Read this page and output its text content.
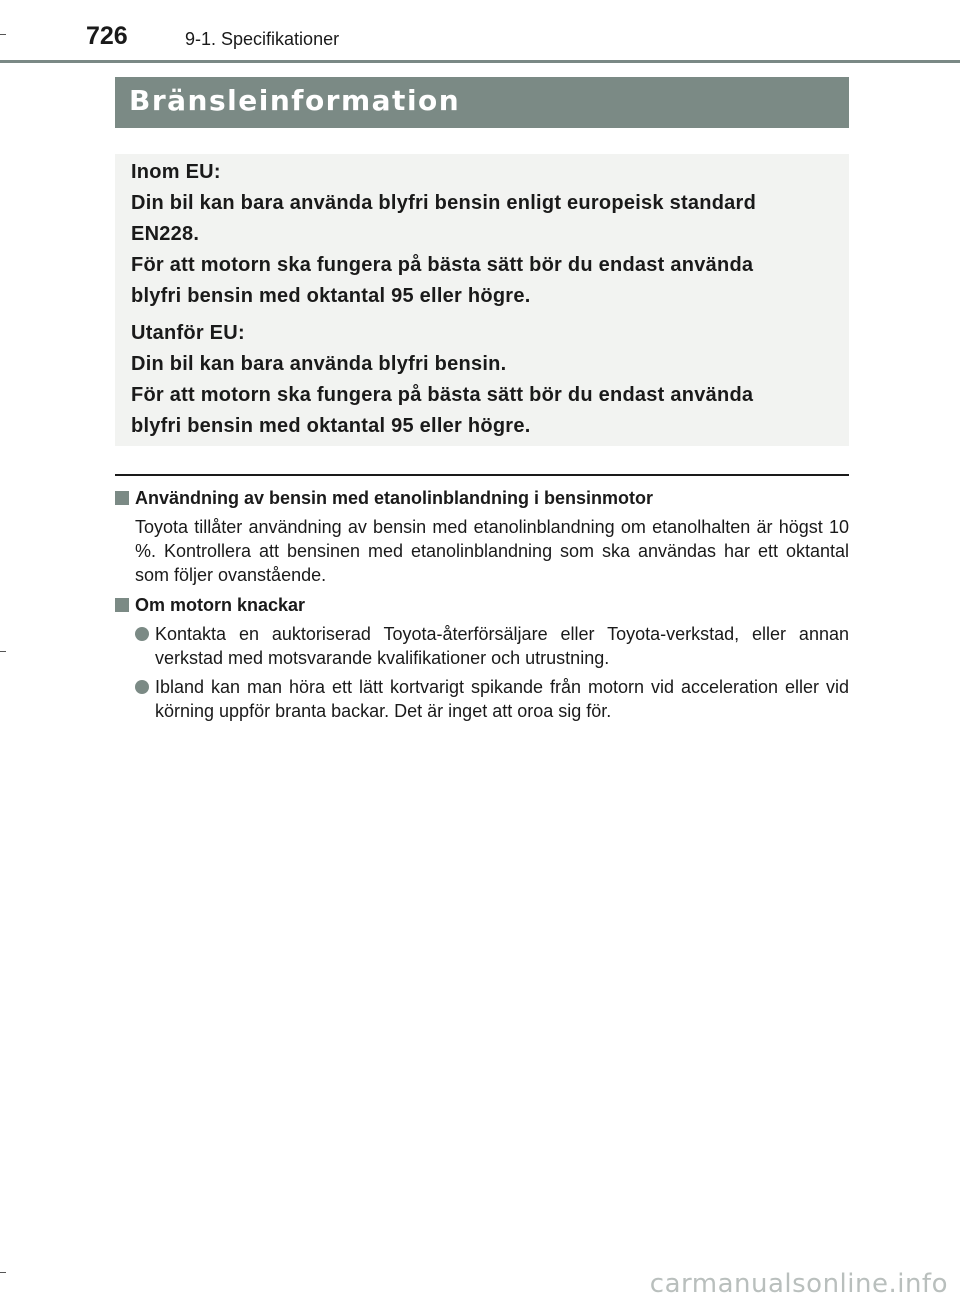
726	9-1. Specifikationer
Bränsleinformation
Inom EU:
Din bil kan bara använda blyfri bensin enligt europeisk standard
EN228.
För att motorn ska fungera på bästa sätt bör du endast använda
blyfri bensin med oktantal 95 eller högre.
Utanför EU:
Din bil kan bara använda blyfri bensin.
För att motorn ska fungera på bästa sätt bör du endast använda
blyfri bensin med oktantal 95 eller högre.
Användning av bensin med etanolinblandning i bensinmotor
Toyota tillåter användning av bensin med etanolinblandning om etanolhalten är högst 10 %. Kontrollera att bensinen med etanolinblandning som ska användas har ett oktantal som följer ovanstående.
Om motorn knackar
Kontakta en auktoriserad Toyota-återförsäljare eller Toyota-verkstad, eller annan verkstad med motsvarande kvalifikationer och utrustning.
Ibland kan man höra ett lätt kortvarigt spikande från motorn vid acceleration eller vid körning uppför branta backar. Det är inget att oroa sig för.
carmanualsonline.info
